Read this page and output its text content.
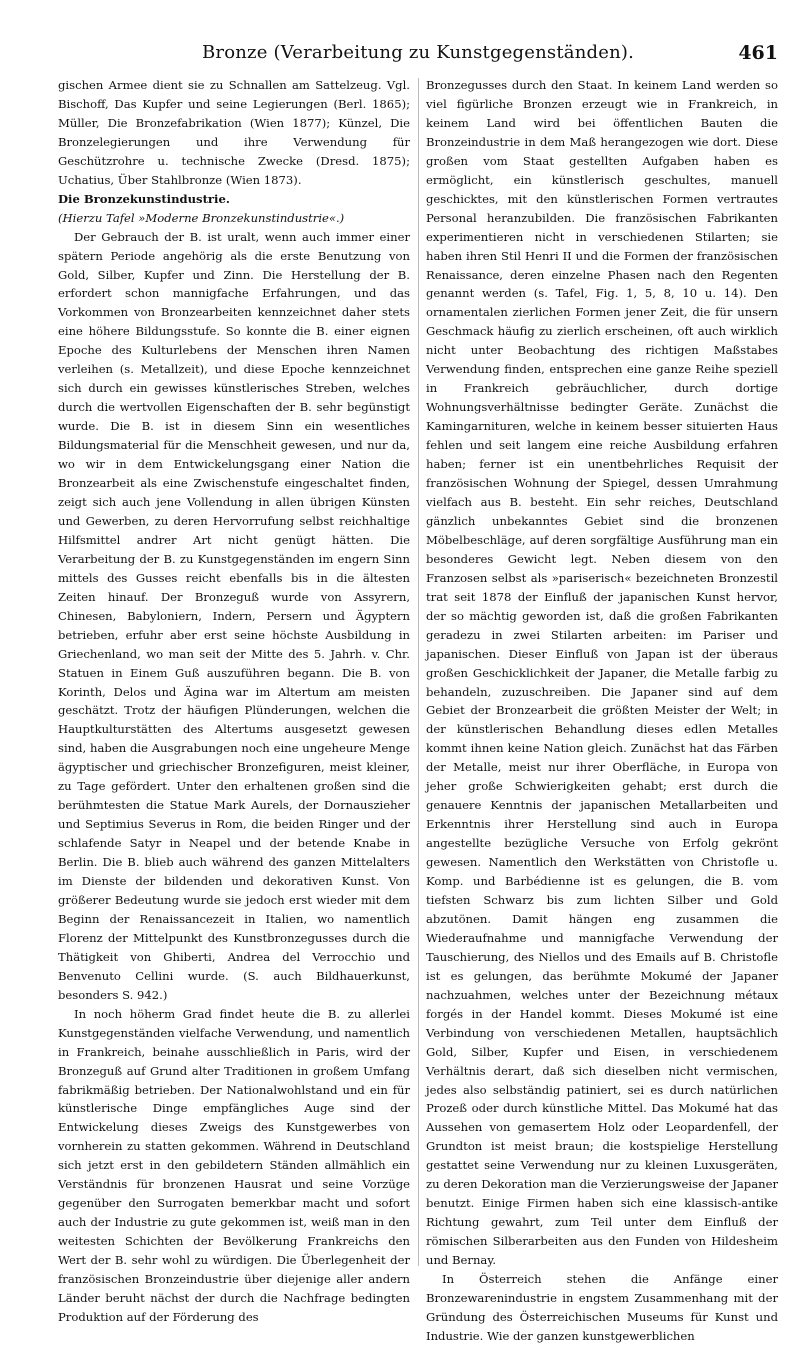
Bronze (Verarbeitung zu Kunstgegenständen).	461

gischen Armee dient sie zu Schnallen am Sattelzeug. Vgl. Bischoff, Das Kupfer und seine Legierungen (Berl. 1865); Müller, Die Bronzefabrikation (Wien 1877); Künzel, Die Bronzelegierungen und ihre Verwendung für Geschützrohre u. technische Zwecke (Dresd. 1875); Uchatius, Über Stahlbronze (Wien 1873).

Die Bronzekunstindustrie.

(Hierzu Tafel »Moderne Bronzekunstindustrie«.)

Der Gebrauch der B. ist uralt, wenn auch immer einer spätern Periode angehörig als die erste Benutzung von Gold, Silber, Kupfer und Zinn. Die Herstellung der B. erfordert schon mannigfache Erfahrungen, und das Vorkommen von Bronzearbeiten kennzeichnet daher stets eine höhere Bildungsstufe. So konnte die B. einer eignen Epoche des Kulturlebens der Menschen ihren Namen verleihen (s. Metallzeit), und diese Epoche kennzeichnet sich durch ein gewisses künstlerisches Streben, welches durch die wertvollen Eigenschaften der B. sehr begünstigt wurde. Die B. ist in diesem Sinn ein wesentliches Bildungsmaterial für die Menschheit gewesen, und nur da, wo wir in dem Entwickelungsgang einer Nation die Bronzearbeit als eine Zwischenstufe eingeschaltet finden, zeigt sich auch jene Vollendung in allen übrigen Künsten und Gewerben, zu deren Hervorrufung selbst reichhaltige Hilfsmittel andrer Art nicht genügt hätten. Die Verarbeitung der B. zu Kunstgegenständen im engern Sinn mittels des Gusses reicht ebenfalls bis in die ältesten Zeiten hinauf. Der Bronzeguß wurde von Assyrern, Chinesen, Babyloniern, Indern, Persern und Ägyptern betrieben, erfuhr aber erst seine höchste Ausbildung in Griechenland, wo man seit der Mitte des 5. Jahrh. v. Chr. Statuen in Einem Guß auszuführen begann. Die B. von Korinth, Delos und Ägina war im Altertum am meisten geschätzt. Trotz der häufigen Plünderungen, welchen die Hauptkulturstätten des Altertums ausgesetzt gewesen sind, haben die Ausgrabungen noch eine ungeheure Menge ägyptischer und griechischer Bronzefiguren, meist kleiner, zu Tage gefördert. Unter den erhaltenen großen sind die berühmtesten die Statue Mark Aurels, der Dornauszieher und Septimius Severus in Rom, die beiden Ringer und der schlafende Satyr in Neapel und der betende Knabe in Berlin. Die B. blieb auch während des ganzen Mittelalters im Dienste der bildenden und dekorativen Kunst. Von größerer Bedeutung wurde sie jedoch erst wieder mit dem Beginn der Renaissancezeit in Italien, wo namentlich Florenz der Mittelpunkt des Kunstbronzegusses durch die Thätigkeit von Ghiberti, Andrea del Verrocchio und Benvenuto Cellini wurde. (S. auch Bildhauerkunst, besonders S. 942.)

In noch höherm Grad findet heute die B. zu allerlei Kunstgegenständen vielfache Verwendung, und namentlich in Frankreich, beinahe ausschließlich in Paris, wird der Bronzeguß auf Grund alter Traditionen in großem Umfang fabrikmäßig betrieben. Der Nationalwohlstand und ein für künstlerische Dinge empfängliches Auge sind der Entwickelung dieses Zweigs des Kunstgewerbes von vornherein zu statten gekommen. Während in Deutschland sich jetzt erst in den gebildetern Ständen allmählich ein Verständnis für bronzenen Hausrat und seine Vorzüge gegenüber den Surrogaten bemerkbar macht und sofort auch der Industrie zu gute gekommen ist, weiß man in den weitesten Schichten der Bevölkerung Frankreichs den Wert der B. sehr wohl zu würdigen. Die Überlegenheit der französischen Bronzeindustrie über diejenige aller andern Länder beruht nächst der durch die Nachfrage bedingten Produktion auf der Förderung des

Bronzegusses durch den Staat. In keinem Land werden so viel figürliche Bronzen erzeugt wie in Frankreich, in keinem Land wird bei öffentlichen Bauten die Bronzeindustrie in dem Maß herangezogen wie dort. Diese großen vom Staat gestellten Aufgaben haben es ermöglicht, ein künstlerisch geschultes, manuell geschicktes, mit den künstlerischen Formen vertrautes Personal heranzubilden. Die französischen Fabrikanten experimentieren nicht in verschiedenen Stilarten; sie haben ihren Stil Henri II und die Formen der französischen Renaissance, deren einzelne Phasen nach den Regenten genannt werden (s. Tafel, Fig. 1, 5, 8, 10 u. 14). Den ornamentalen zierlichen Formen jener Zeit, die für unsern Geschmack häufig zu zierlich erscheinen, oft auch wirklich nicht unter Beobachtung des richtigen Maßstabes Verwendung finden, entsprechen eine ganze Reihe speziell in Frankreich gebräuchlicher, durch dortige Wohnungsverhältnisse bedingter Geräte. Zunächst die Kamingarnituren, welche in keinem besser situierten Haus fehlen und seit langem eine reiche Ausbildung erfahren haben; ferner ist ein unentbehrliches Requisit der französischen Wohnung der Spiegel, dessen Umrahmung vielfach aus B. besteht. Ein sehr reiches, Deutschland gänzlich unbekanntes Gebiet sind die bronzenen Möbelbeschläge, auf deren sorgfältige Ausführung man ein besonderes Gewicht legt. Neben diesem von den Franzosen selbst als »pariserisch« bezeichneten Bronzestil trat seit 1878 der Einfluß der japanischen Kunst hervor, der so mächtig geworden ist, daß die großen Fabrikanten geradezu in zwei Stilarten arbeiten: im Pariser und japanischen. Dieser Einfluß von Japan ist der überaus großen Geschicklichkeit der Japaner, die Metalle farbig zu behandeln, zuzuschreiben. Die Japaner sind auf dem Gebiet der Bronzearbeit die größten Meister der Welt; in der künstlerischen Behandlung dieses edlen Metalles kommt ihnen keine Nation gleich. Zunächst hat das Färben der Metalle, meist nur ihrer Oberfläche, in Europa von jeher große Schwierigkeiten gehabt; erst durch die genauere Kenntnis der japanischen Metallarbeiten und Erkenntnis ihrer Herstellung sind auch in Europa angestellte bezügliche Versuche von Erfolg gekrönt gewesen. Namentlich den Werkstätten von Christofle u. Komp. und Barbédienne ist es gelungen, die B. vom tiefsten Schwarz bis zum lichten Silber und Gold abzutönen. Damit hängen eng zusammen die Wiederaufnahme und mannigfache Verwendung der Tauschierung, des Niellos und des Emails auf B. Christofle ist es gelungen, das berühmte Mokumé der Japaner nachzuahmen, welches unter der Bezeichnung métaux forgés in der Handel kommt. Dieses Mokumé ist eine Verbindung von verschiedenen Metallen, hauptsächlich Gold, Silber, Kupfer und Eisen, in verschiedenem Verhältnis derart, daß sich dieselben nicht vermischen, jedes also selbständig patiniert, sei es durch natürlichen Prozeß oder durch künstliche Mittel. Das Mokumé hat das Aussehen von gemasertem Holz oder Leopardenfell, der Grundton ist meist braun; die kostspielige Herstellung gestattet seine Verwendung nur zu kleinen Luxusgeräten, zu deren Dekoration man die Verzierungsweise der Japaner benutzt. Einige Firmen haben sich eine klassisch-antike Richtung gewahrt, zum Teil unter dem Einfluß der römischen Silberarbeiten aus den Funden von Hildesheim und Bernay.

In Österreich stehen die Anfänge einer Bronzewarenindustrie in engstem Zusammenhang mit der Gründung des Österreichischen Museums für Kunst und Industrie. Wie der ganzen kunstgewerblichen
